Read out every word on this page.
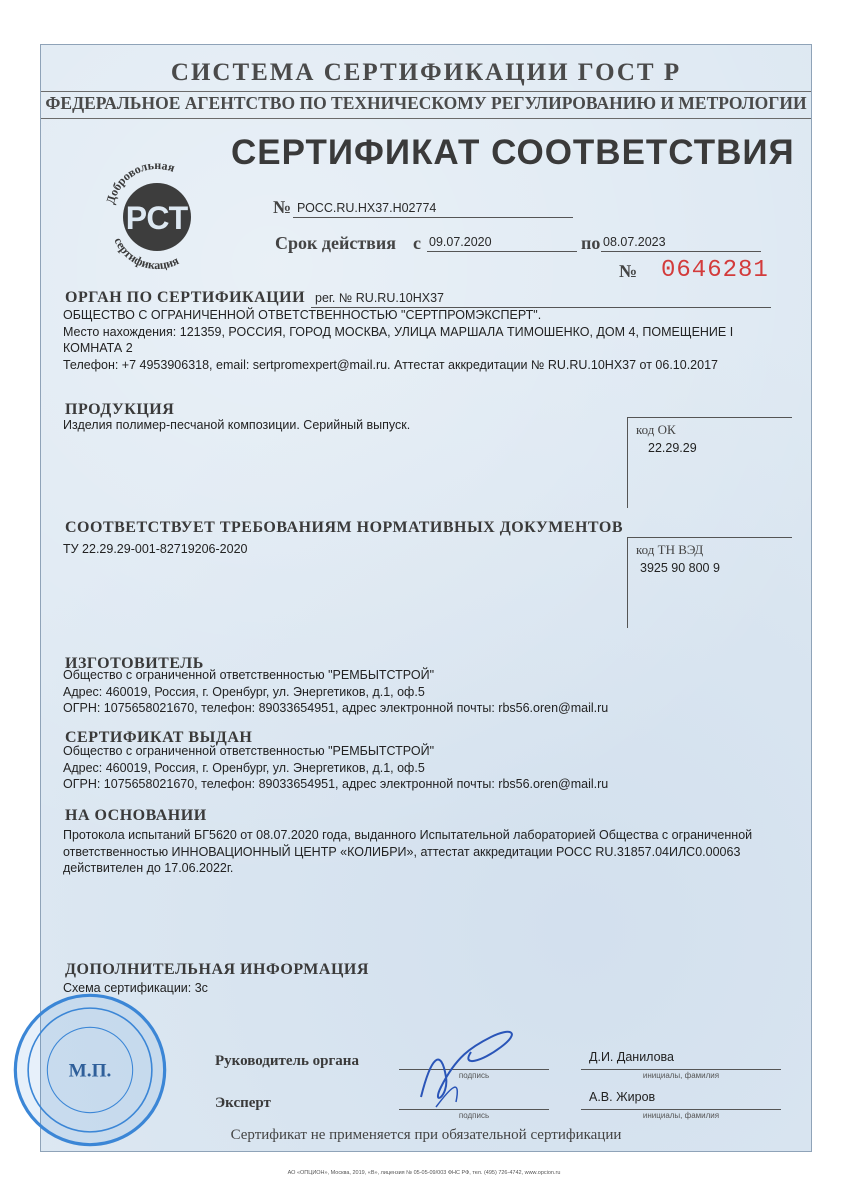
СИСТЕМА СЕРТИФИКАЦИИ ГОСТ Р
ФЕДЕРАЛЬНОЕ АГЕНТСТВО ПО ТЕХНИЧЕСКОМУ РЕГУЛИРОВАНИЮ И МЕТРОЛОГИИ
Добровольная
РСТ
сертификация
СЕРТИФИКАТ СООТВЕТСТВИЯ
№ РОСС.RU.НХ37.Н02774
Срок действия с 09.07.2020	по 08.07.2023
№ 0646281
ОРГАН ПО СЕРТИФИКАЦИИ рег. № RU.RU.10НХ37
ОБЩЕСТВО С ОГРАНИЧЕННОЙ ОТВЕТСТВЕННОСТЬЮ "СЕРТПРОМЭКСПЕРТ".
Место нахождения: 121359, РОССИЯ, ГОРОД МОСКВА, УЛИЦА МАРШАЛА ТИМОШЕНКО, ДОМ 4, ПОМЕЩЕНИЕ I
КОМНАТА 2
Телефон: +7 4953906318, email: sertpromexpert@mail.ru. Аттестат аккредитации № RU.RU.10НХ37 от 06.10.2017
ПРОДУКЦИЯ
Изделия полимер-песчаной композиции. Серийный выпуск.	код ОК
22.29.29
СООТВЕТСТВУЕТ ТРЕБОВАНИЯМ НОРМАТИВНЫХ ДОКУМЕНТОВ
ТУ 22.29.29-001-82719206-2020	код ТН ВЭД
3925 90 800 9
ИЗГОТОВИТЕЛЬ
Общество с ограниченной ответственностью "РЕМБЫТСТРОЙ"
Адрес: 460019, Россия, г. Оренбург, ул. Энергетиков, д.1, оф.5
ОГРН: 1075658021670, телефон: 89033654951, адрес электронной почты: rbs56.oren@mail.ru
СЕРТИФИКАТ ВЫДАН
Общество с ограниченной ответственностью "РЕМБЫТСТРОЙ"
Адрес: 460019, Россия, г. Оренбург, ул. Энергетиков, д.1, оф.5
ОГРН: 1075658021670, телефон: 89033654951, адрес электронной почты: rbs56.oren@mail.ru
НА ОСНОВАНИИ
Протокола испытаний БГ5620 от 08.07.2020 года, выданного Испытательной лабораторией Общества с ограниченной
ответственностью ИННОВАЦИОННЫЙ ЦЕНТР «КОЛИБРИ», аттестат аккредитации РОСС RU.31857.04ИЛС0.00063
действителен до 17.06.2022г.
ДОПОЛНИТЕЛЬНАЯ ИНФОРМАЦИЯ
Схема сертификации: 3с
Руководитель органа
подпись
Д.И. Данилова
инициалы, фамилия
Эксперт
подпись
А.В. Жиров
инициалы, фамилия
Сертификат не применяется при обязательной сертификации
М.П.
АО «ОПЦИОН», Москва, 2019, «В», лицензия № 05-05-09/003 ФНС РФ, тел. (495) 726-4742, www.opcion.ru
